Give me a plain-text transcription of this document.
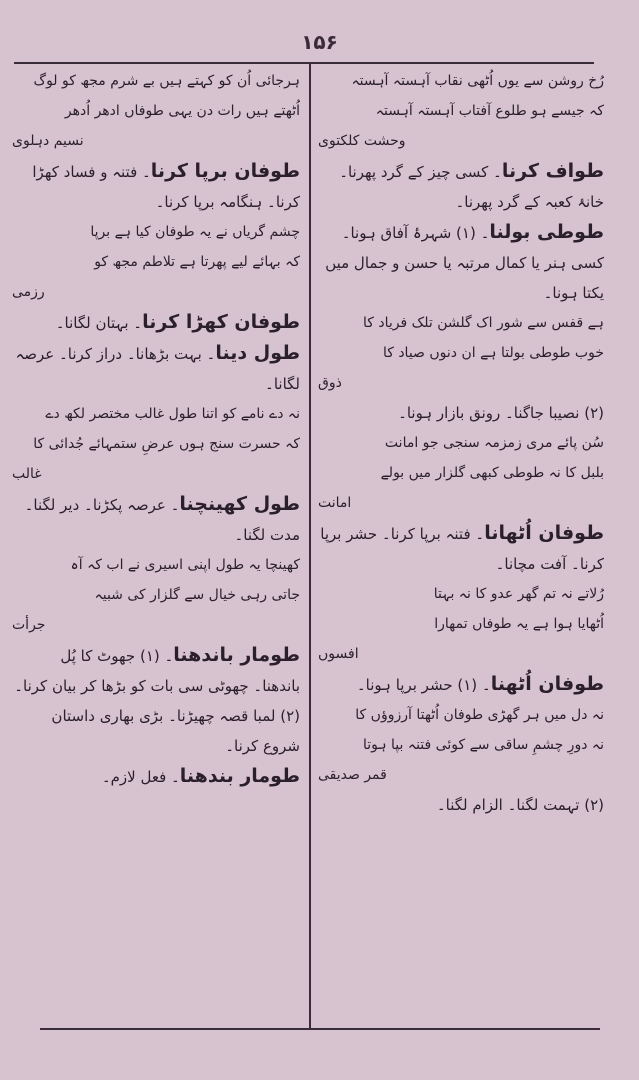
۱۵۶

رُخ روشن سے یوں اُٹھی نقاب آہستہ آہستہ

کہ جیسے ہو طلوع آفتاب آہستہ آہستہ

وحشت کلکتوی

طواف کرنا۔ کسی چیز کے گرد پھرنا۔ خانۂ کعبہ کے گرد پھرنا۔

طوطی بولنا۔ (۱) شہرۂ آفاق ہونا۔ کسی ہنر یا کمال مرتبہ یا حسن و جمال میں یکتا ہونا۔

ہے قفس سے شور اک گلشن تلک فریاد کا

خوب طوطی بولتا ہے ان دنوں صیاد کا

ذوق

(۲) نصیبا جاگنا۔ رونق بازار ہونا۔

سُن پائے مری زمزمہ سنجی جو امانت

بلبل کا نہ طوطی کبھی گلزار میں بولے

امانت

طوفان اُٹھانا۔ فتنہ برپا کرنا۔ حشر برپا کرنا۔ آفت مچانا۔

رُلاتے نہ تم گھر عدو کا نہ بہتا

اُٹھایا ہوا ہے یہ طوفاں تمھارا

افسوں

طوفان اُٹھنا۔ (۱) حشر برپا ہونا۔

نہ دل میں ہر گھڑی طوفان اُٹھتا آرزوؤں کا

نہ دورِ چشمِ ساقی سے کوئی فتنہ بپا ہوتا

قمر صدیقی

(۲) تہمت لگنا۔ الزام لگنا۔

ہرجائی اُن کو کہتے ہیں بے شرم مجھ کو لوگ

اُٹھتے ہیں رات دن یہی طوفاں ادھر اُدھر

نسیم دہلوی

طوفان برپا کرنا۔ فتنہ و فساد کھڑا کرنا۔ ہنگامہ برپا کرنا۔

چشم گریاں نے یہ طوفان کیا ہے برپا

کہ بہائے لیے پھرتا ہے تلاطم مجھ کو

رزمی

طوفان کھڑا کرنا۔ بہتان لگانا۔

طول دینا۔ بہت بڑھانا۔ دراز کرنا۔ عرصہ لگانا۔

نہ دے نامے کو اتنا طول غالب مختصر لکھ دے

کہ حسرت سنج ہوں عرضِ ستمہائے جُدائی کا

غالب

طول کھینچنا۔ عرصہ پکڑنا۔ دیر لگنا۔ مدت لگنا۔

کھینچا یہ طول اپنی اسیری نے اب کہ آہ

جاتی رہی خیال سے گلزار کی شبیہ

جرأت

طومار باندھنا۔ (۱) جھوٹ کا پُل باندھنا۔ چھوٹی سی بات کو بڑھا کر بیان کرنا۔

(۲) لمبا قصہ چھیڑنا۔ بڑی بھاری داستان شروع کرنا۔

طومار بندھنا۔ فعل لازم۔
